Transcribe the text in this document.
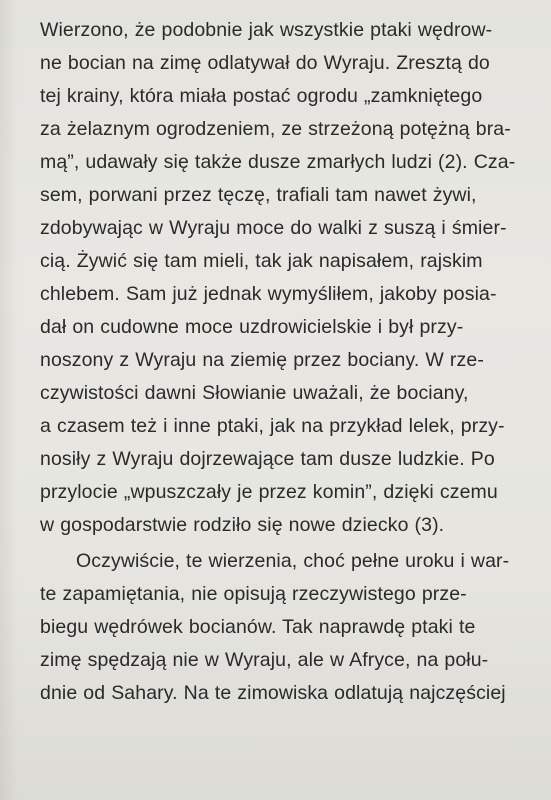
Wierzono, że podobnie jak wszystkie ptaki wędrow-
ne bocian na zimę odlatywał do Wyraju. Zresztą do
tej krainy, która miała postać ogrodu „zamkniętego
za żelaznym ogrodzeniem, ze strzeżoną potężną bra-
mą”, udawały się także dusze zmarłych ludzi (2). Cza-
sem, porwani przez tęczę, trafiali tam nawet żywi,
zdobywając w Wyraju moce do walki z suszą i śmier-
cią. Żywić się tam mieli, tak jak napisałem, rajskim
chlebem. Sam już jednak wymyśliłem, jakoby posia-
dał on cudowne moce uzdrowicielskie i był przy-
noszony z Wyraju na ziemię przez bociany. W rze-
czywistości dawni Słowianie uważali, że bociany,
a czasem też i inne ptaki, jak na przykład lelek, przy-
nosiły z Wyraju dojrzewające tam dusze ludzkie. Po
przylocie „wpuszczały je przez komin”, dzięki czemu
w gospodarstwie rodziło się nowe dziecko (3).
Oczywiście, te wierzenia, choć pełne uroku i war-
te zapamiętania, nie opisują rzeczywistego prze-
biegu wędrówek bocianów. Tak naprawdę ptaki te
zimę spędzają nie w Wyraju, ale w Afryce, na połu-
dnie od Sahary. Na te zimowiska odlatują najczęściej
